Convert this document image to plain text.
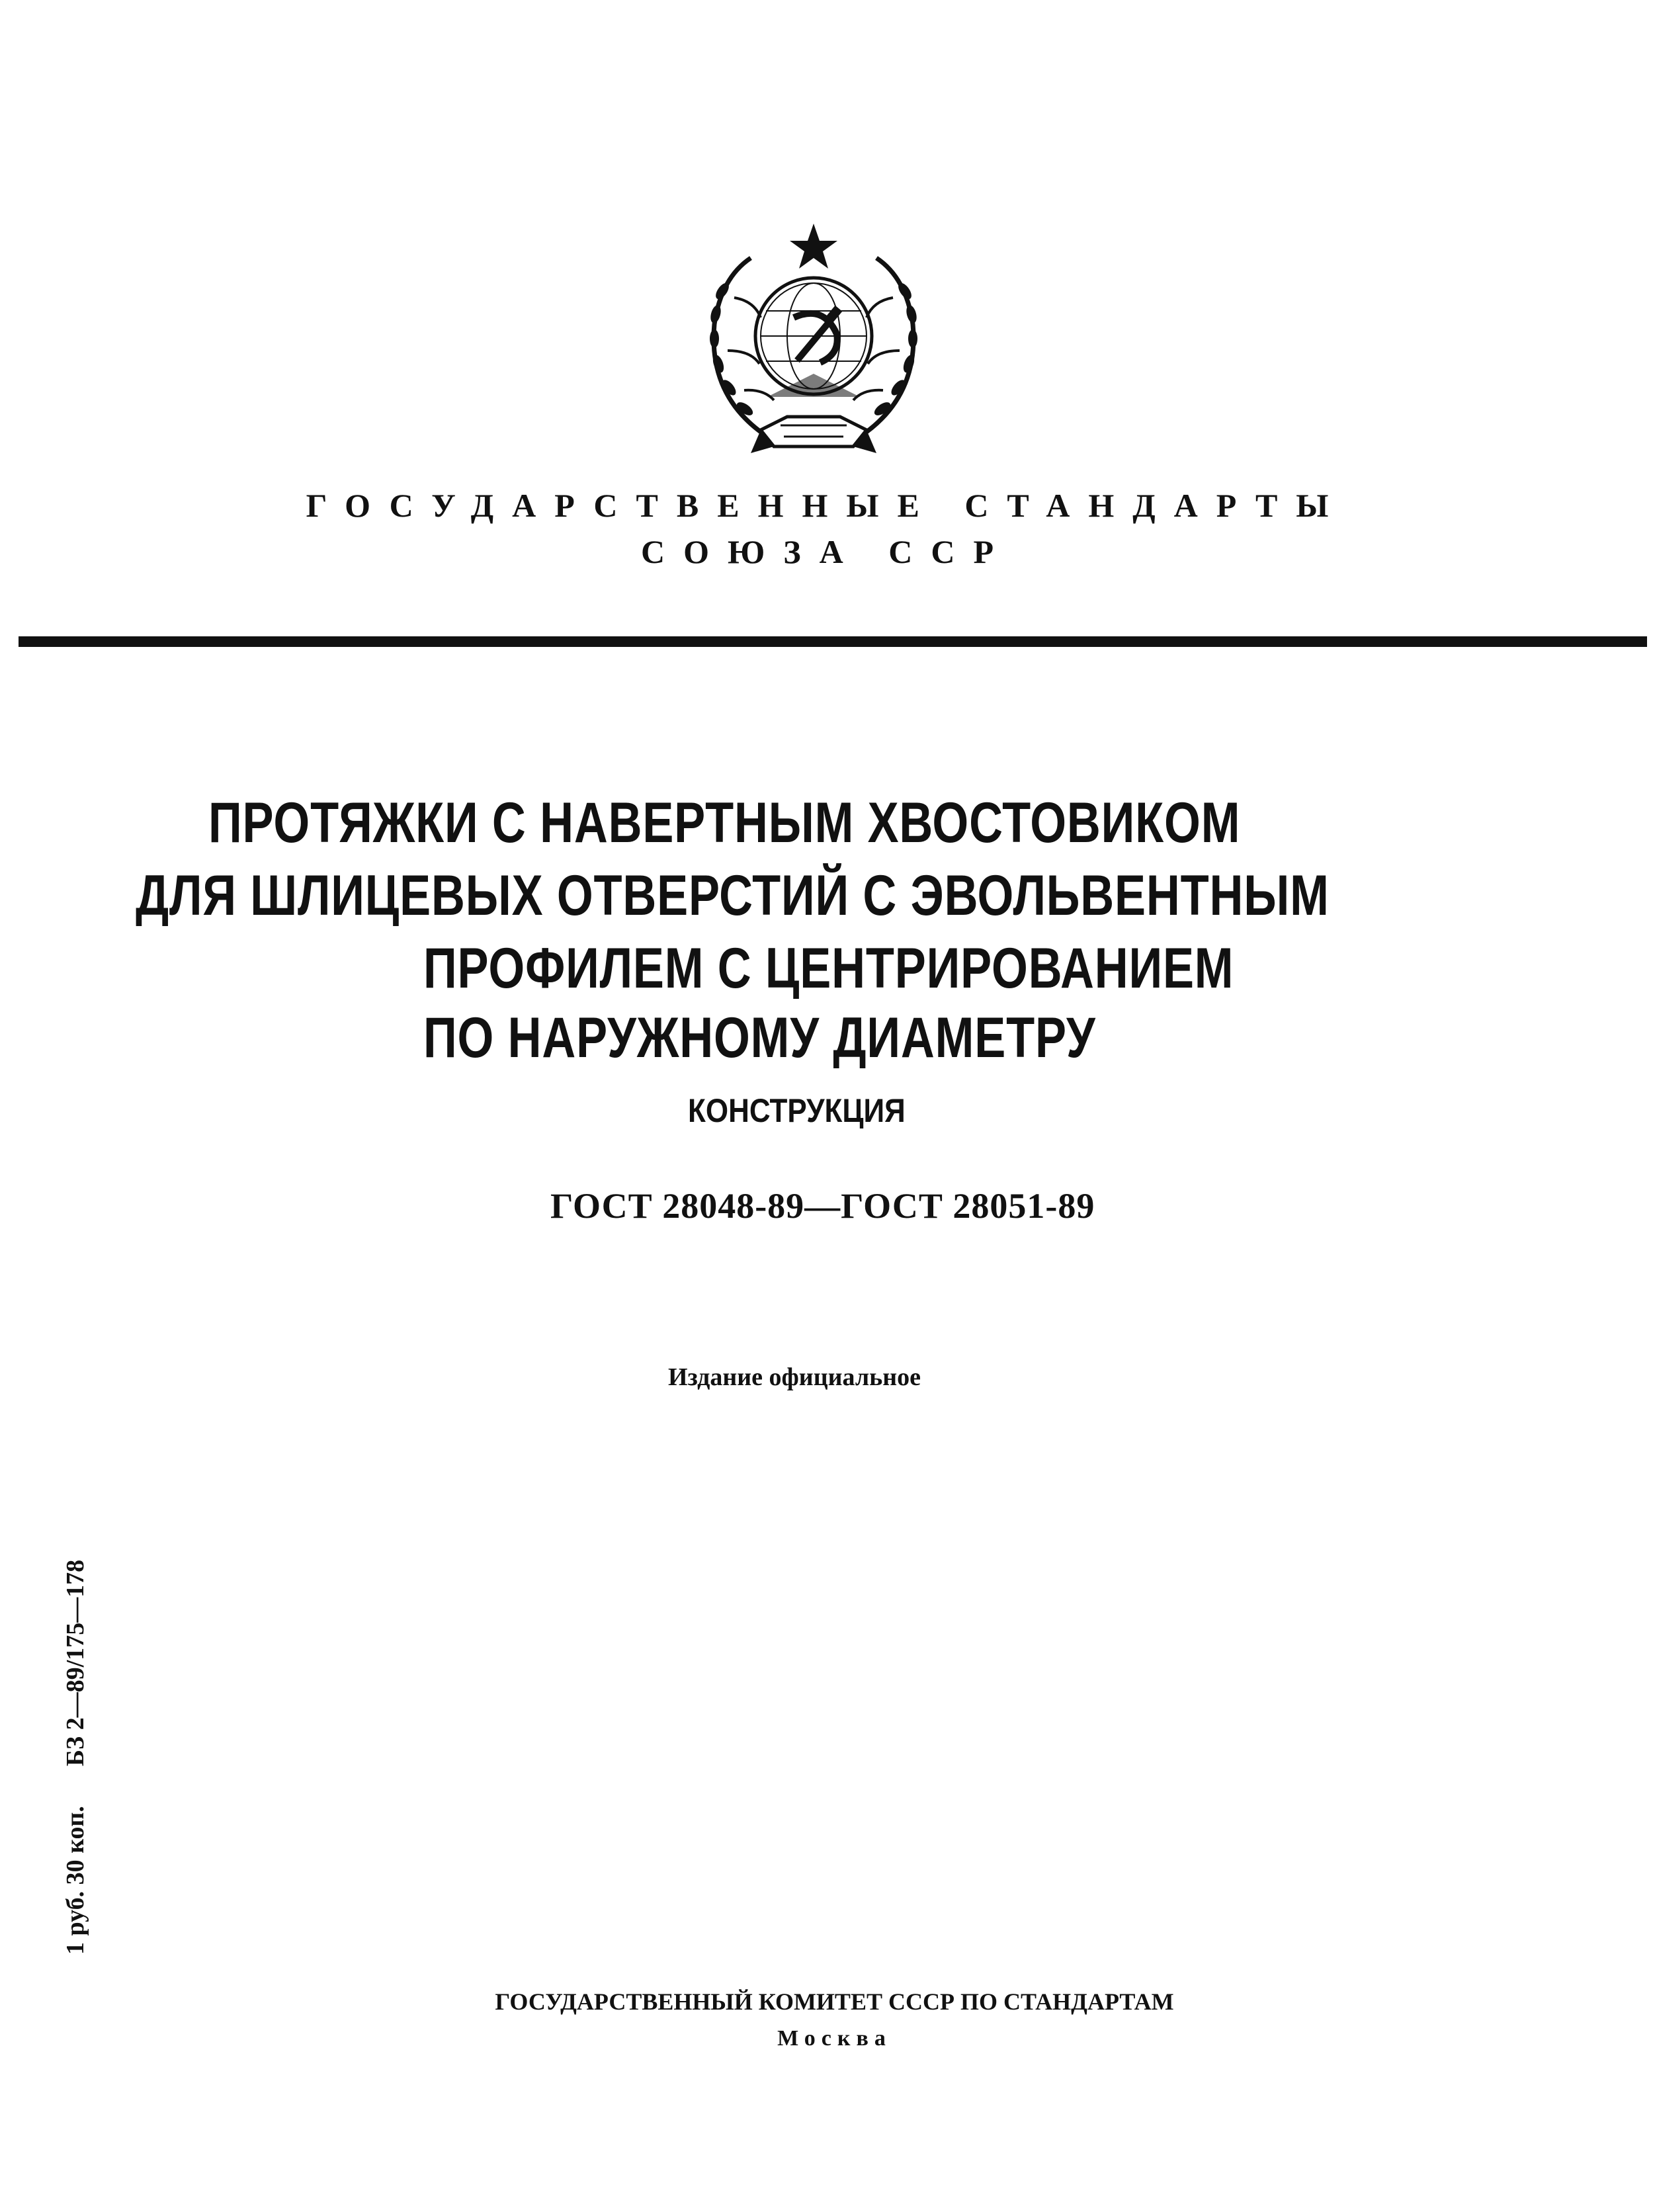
ГОСУДАРСТВЕННЫЕ СТАНДАРТЫ
СОЮЗА ССР
ПРОТЯЖКИ С НАВЕРТНЫМ ХВОСТОВИКОМ
ДЛЯ ШЛИЦЕВЫХ ОТВЕРСТИЙ С ЭВОЛЬВЕНТНЫМ
ПРОФИЛЕМ С ЦЕНТРИРОВАНИЕМ
ПО НАРУЖНОМУ ДИАМЕТРУ
КОНСТРУКЦИЯ
ГОСТ 28048-89—ГОСТ 28051-89
Издание официальное
1 руб. 30 коп.БЗ 2—89/175—178
ГОСУДАРСТВЕННЫЙ КОМИТЕТ СССР ПО СТАНДАРТАМ
Москва
